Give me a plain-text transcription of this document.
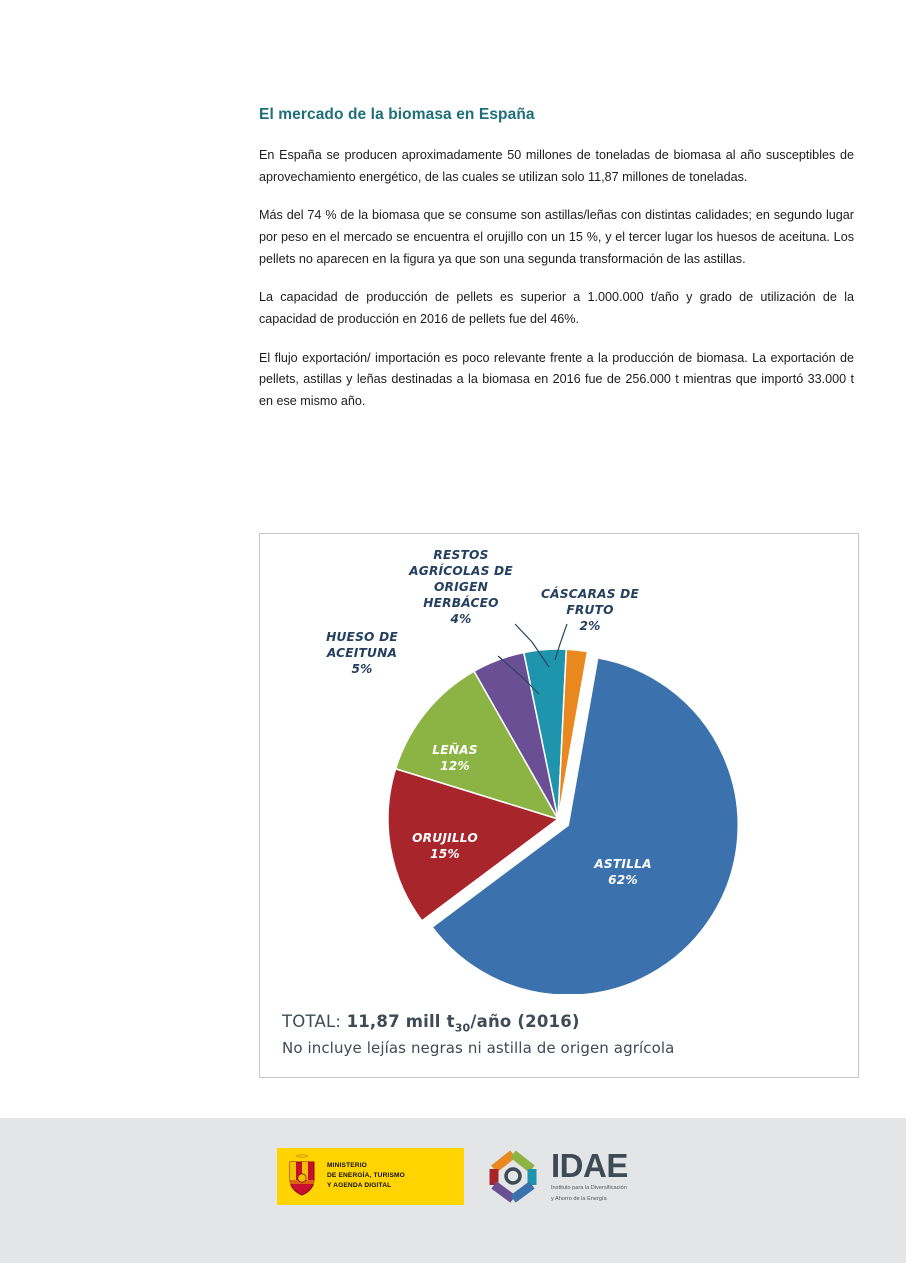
El mercado de la biomasa en España

En España se producen aproximadamente 50 millones de toneladas de biomasa al año susceptibles de aprovechamiento energético, de las cuales se utilizan solo 11,87 millones de toneladas.

Más del 74 % de la biomasa que se consume son astillas/leñas con distintas calidades; en segundo lugar por peso en el mercado se encuentra el orujillo con un 15 %, y el tercer lugar los huesos de aceituna. Los pellets no aparecen en la figura ya que son una segunda transformación de las astillas.

La capacidad de producción de pellets es superior a 1.000.000 t/año y grado de utilización de la capacidad de producción en 2016 de pellets fue del 46%.

El flujo exportación/ importación es poco relevante frente a la producción de biomasa. La exportación de pellets, astillas y leñas destinadas a la biomasa en 2016 fue de 256.000 t mientras que importó 33.000 t en ese mismo año.

HUESO DE ACEITUNA
5%
RESTOS AGRÍCOLAS DE ORIGEN HERBÁCEO
4%
CÁSCARAS DE FRUTO
2%
LEÑAS
12%
ORUJILLO
15%
ASTILLA
62%
TOTAL: 11,87 mill $t_{30}$/año (2016)
No incluye lejías negras ni astilla de origen agrícola
MINISTERIO
DE ENERGÍA, TURISMO
Y AGENDA DIGITAL
IDAE
Instituto para la Diversificación
y Ahorro de la Energía
